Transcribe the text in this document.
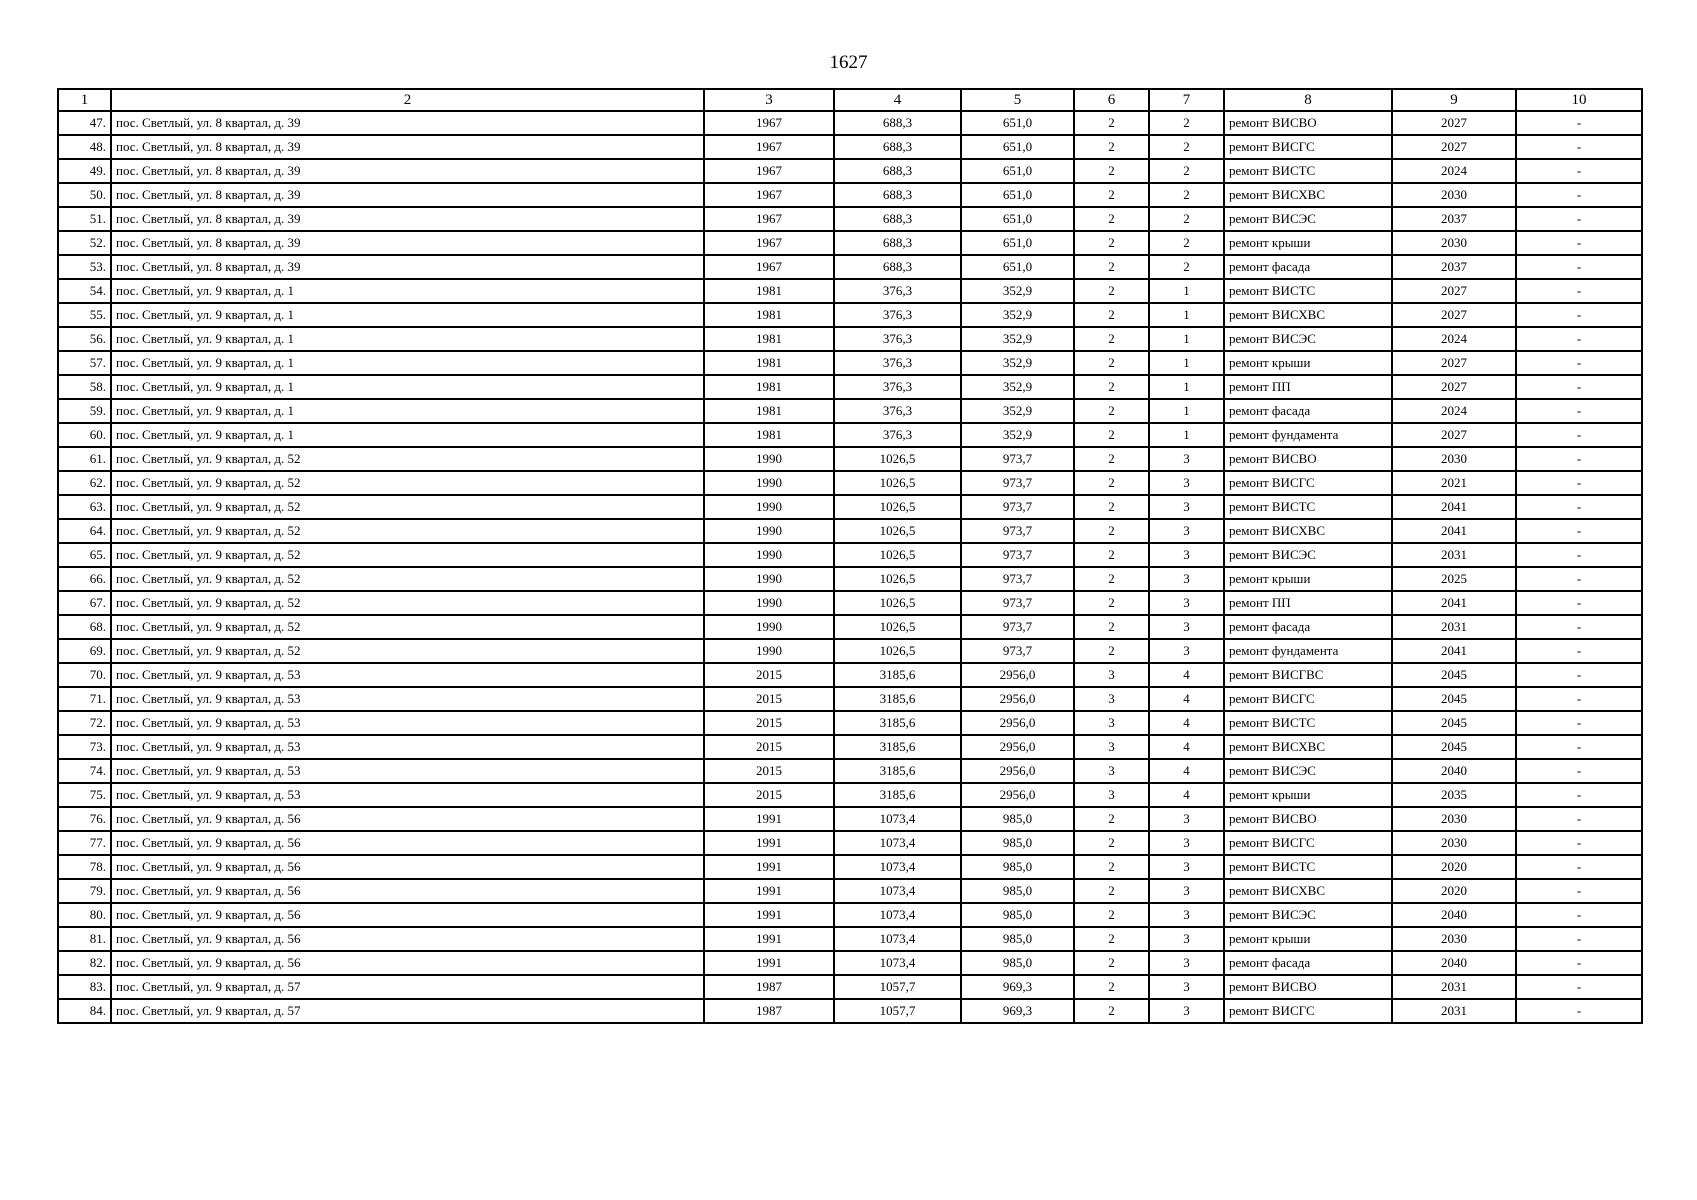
1627
1	2	3	4	5	6	7	8	9	10
47.	пос. Светлый, ул. 8 квартал, д. 39	1967	688,3	651,0	2	2	ремонт ВИСВО	2027	-
48.	пос. Светлый, ул. 8 квартал, д. 39	1967	688,3	651,0	2	2	ремонт ВИСГС	2027	-
49.	пос. Светлый, ул. 8 квартал, д. 39	1967	688,3	651,0	2	2	ремонт ВИСТС	2024	-
50.	пос. Светлый, ул. 8 квартал, д. 39	1967	688,3	651,0	2	2	ремонт ВИСХВС	2030	-
51.	пос. Светлый, ул. 8 квартал, д. 39	1967	688,3	651,0	2	2	ремонт ВИСЭС	2037	-
52.	пос. Светлый, ул. 8 квартал, д. 39	1967	688,3	651,0	2	2	ремонт крыши	2030	-
53.	пос. Светлый, ул. 8 квартал, д. 39	1967	688,3	651,0	2	2	ремонт фасада	2037	-
54.	пос. Светлый, ул. 9 квартал, д. 1	1981	376,3	352,9	2	1	ремонт ВИСТС	2027	-
55.	пос. Светлый, ул. 9 квартал, д. 1	1981	376,3	352,9	2	1	ремонт ВИСХВС	2027	-
56.	пос. Светлый, ул. 9 квартал, д. 1	1981	376,3	352,9	2	1	ремонт ВИСЭС	2024	-
57.	пос. Светлый, ул. 9 квартал, д. 1	1981	376,3	352,9	2	1	ремонт крыши	2027	-
58.	пос. Светлый, ул. 9 квартал, д. 1	1981	376,3	352,9	2	1	ремонт ПП	2027	-
59.	пос. Светлый, ул. 9 квартал, д. 1	1981	376,3	352,9	2	1	ремонт фасада	2024	-
60.	пос. Светлый, ул. 9 квартал, д. 1	1981	376,3	352,9	2	1	ремонт фундамента	2027	-
61.	пос. Светлый, ул. 9 квартал, д. 52	1990	1026,5	973,7	2	3	ремонт ВИСВО	2030	-
62.	пос. Светлый, ул. 9 квартал, д. 52	1990	1026,5	973,7	2	3	ремонт ВИСГС	2021	-
63.	пос. Светлый, ул. 9 квартал, д. 52	1990	1026,5	973,7	2	3	ремонт ВИСТС	2041	-
64.	пос. Светлый, ул. 9 квартал, д. 52	1990	1026,5	973,7	2	3	ремонт ВИСХВС	2041	-
65.	пос. Светлый, ул. 9 квартал, д. 52	1990	1026,5	973,7	2	3	ремонт ВИСЭС	2031	-
66.	пос. Светлый, ул. 9 квартал, д. 52	1990	1026,5	973,7	2	3	ремонт крыши	2025	-
67.	пос. Светлый, ул. 9 квартал, д. 52	1990	1026,5	973,7	2	3	ремонт ПП	2041	-
68.	пос. Светлый, ул. 9 квартал, д. 52	1990	1026,5	973,7	2	3	ремонт фасада	2031	-
69.	пос. Светлый, ул. 9 квартал, д. 52	1990	1026,5	973,7	2	3	ремонт фундамента	2041	-
70.	пос. Светлый, ул. 9 квартал, д. 53	2015	3185,6	2956,0	3	4	ремонт ВИСГВС	2045	-
71.	пос. Светлый, ул. 9 квартал, д. 53	2015	3185,6	2956,0	3	4	ремонт ВИСГС	2045	-
72.	пос. Светлый, ул. 9 квартал, д. 53	2015	3185,6	2956,0	3	4	ремонт ВИСТС	2045	-
73.	пос. Светлый, ул. 9 квартал, д. 53	2015	3185,6	2956,0	3	4	ремонт ВИСХВС	2045	-
74.	пос. Светлый, ул. 9 квартал, д. 53	2015	3185,6	2956,0	3	4	ремонт ВИСЭС	2040	-
75.	пос. Светлый, ул. 9 квартал, д. 53	2015	3185,6	2956,0	3	4	ремонт крыши	2035	-
76.	пос. Светлый, ул. 9 квартал, д. 56	1991	1073,4	985,0	2	3	ремонт ВИСВО	2030	-
77.	пос. Светлый, ул. 9 квартал, д. 56	1991	1073,4	985,0	2	3	ремонт ВИСГС	2030	-
78.	пос. Светлый, ул. 9 квартал, д. 56	1991	1073,4	985,0	2	3	ремонт ВИСТС	2020	-
79.	пос. Светлый, ул. 9 квартал, д. 56	1991	1073,4	985,0	2	3	ремонт ВИСХВС	2020	-
80.	пос. Светлый, ул. 9 квартал, д. 56	1991	1073,4	985,0	2	3	ремонт ВИСЭС	2040	-
81.	пос. Светлый, ул. 9 квартал, д. 56	1991	1073,4	985,0	2	3	ремонт крыши	2030	-
82.	пос. Светлый, ул. 9 квартал, д. 56	1991	1073,4	985,0	2	3	ремонт фасада	2040	-
83.	пос. Светлый, ул. 9 квартал, д. 57	1987	1057,7	969,3	2	3	ремонт ВИСВО	2031	-
84.	пос. Светлый, ул. 9 квартал, д. 57	1987	1057,7	969,3	2	3	ремонт ВИСГС	2031	-
